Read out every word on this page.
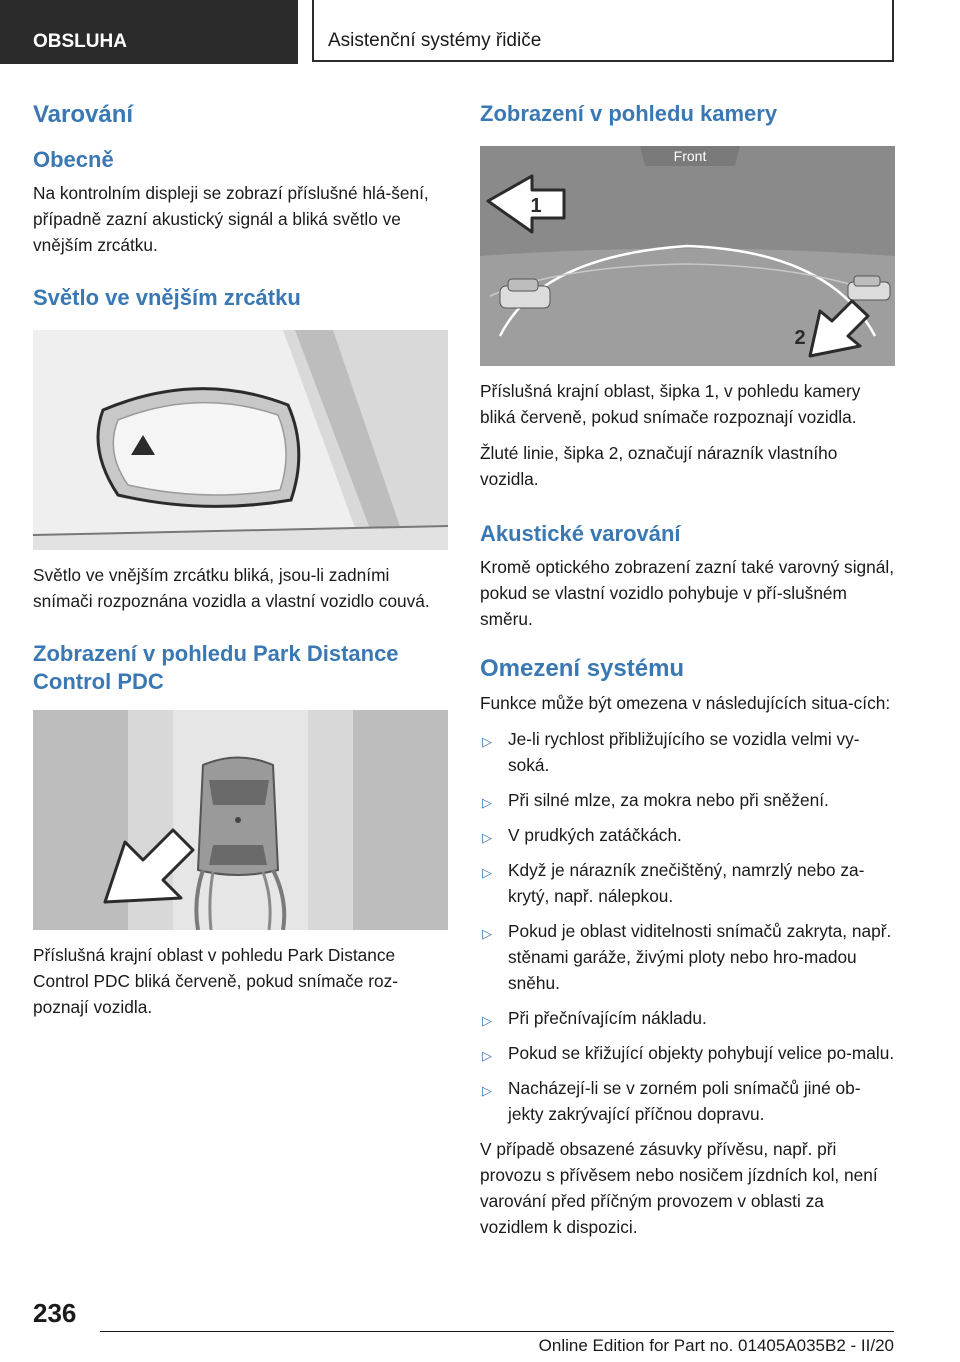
OBSLUHA	Asistenční systémy řidiče
Varování
Obecně

Na kontrolním displeji se zobrazí příslušné hlá-šení, případně zazní akustický signál a bliká světlo ve vnějším zrcátku.

Světlo ve vnějším zrcátku

Světlo ve vnějším zrcátku bliká, jsou-li zadními snímači rozpoznána vozidla a vlastní vozidlo couvá.

Zobrazení v pohledu Park Distance Control PDC

Příslušná krajní oblast v pohledu Park Distance Control PDC bliká červeně, pokud snímače roz-poznají vozidla.

Zobrazení v pohledu kamery
Front
1
2

Příslušná krajní oblast, šipka 1, v pohledu kamery bliká červeně, pokud snímače rozpoznají vozidla.

Žluté linie, šipka 2, označují nárazník vlastního vozidla.

Akustické varování

Kromě optického zobrazení zazní také varovný signál, pokud se vlastní vozidlo pohybuje v pří-slušném směru.

Omezení systému

Funkce může být omezena v následujících situa-cích:

▷ Je-li rychlost přibližujícího se vozidla velmi vy-soká.
▷ Při silné mlze, za mokra nebo při sněžení.
▷ V prudkých zatáčkách.
▷ Když je nárazník znečištěný, namrzlý nebo za-krytý, např. nálepkou.
▷ Pokud je oblast viditelnosti snímačů zakryta, např. stěnami garáže, živými ploty nebo hro-madou sněhu.
▷ Při přečnívajícím nákladu.
▷ Pokud se křižující objekty pohybují velice po-malu.
▷ Nacházejí-li se v zorném poli snímačů jiné ob-jekty zakrývající příčnou dopravu.

V případě obsazené zásuvky přívěsu, např. při provozu s přívěsem nebo nosičem jízdních kol, není varování před příčným provozem v oblasti za vozidlem k dispozici.

236
Online Edition for Part no. 01405A035B2 - II/20
